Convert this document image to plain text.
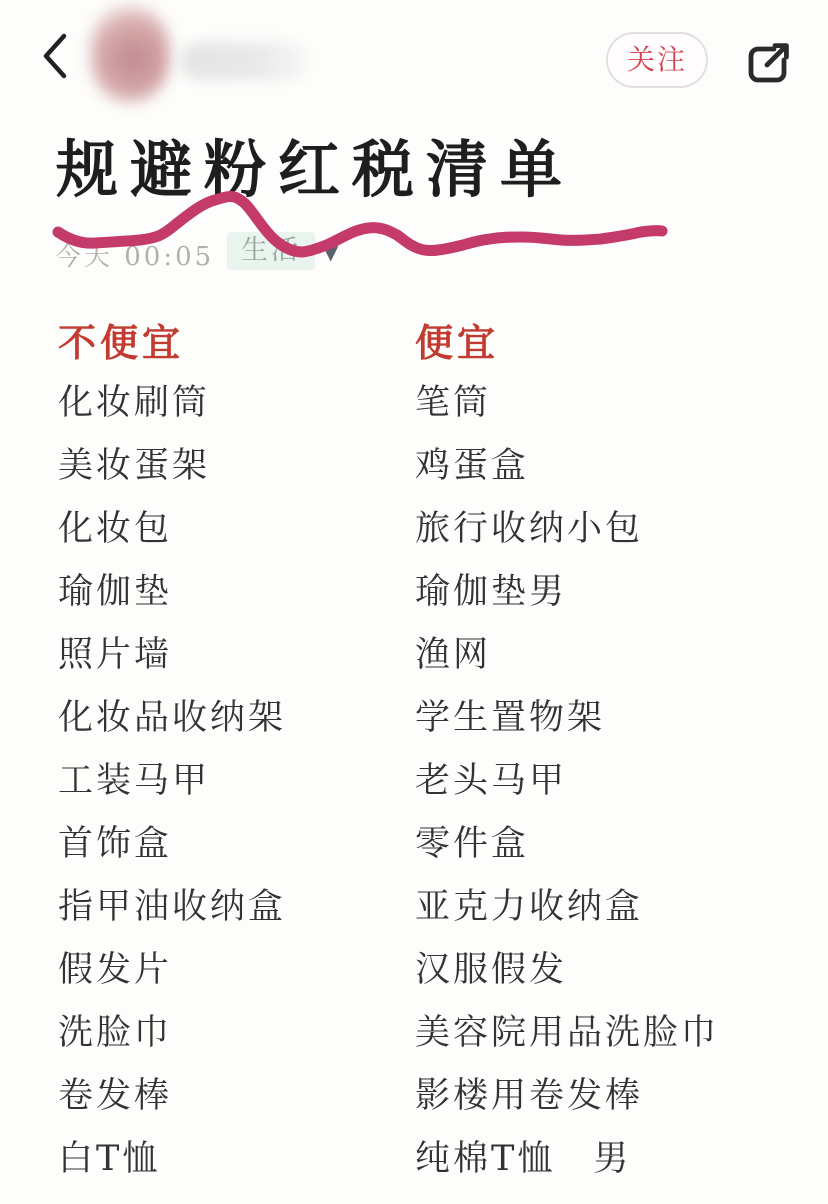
关注
规避粉红税清单
今天 00:05 生活	▼
不便宜	便宜
化妆刷筒	笔筒
美妆蛋架	鸡蛋盒
化妆包	旅行收纳小包
瑜伽垫	瑜伽垫男
照片墙	渔网
化妆品收纳架	学生置物架
工装马甲	老头马甲
首饰盒	零件盒
指甲油收纳盒	亚克力收纳盒
假发片	汉服假发
洗脸巾	美容院用品洗脸巾
卷发棒	影楼用卷发棒
白T恤	纯棉T恤　男
